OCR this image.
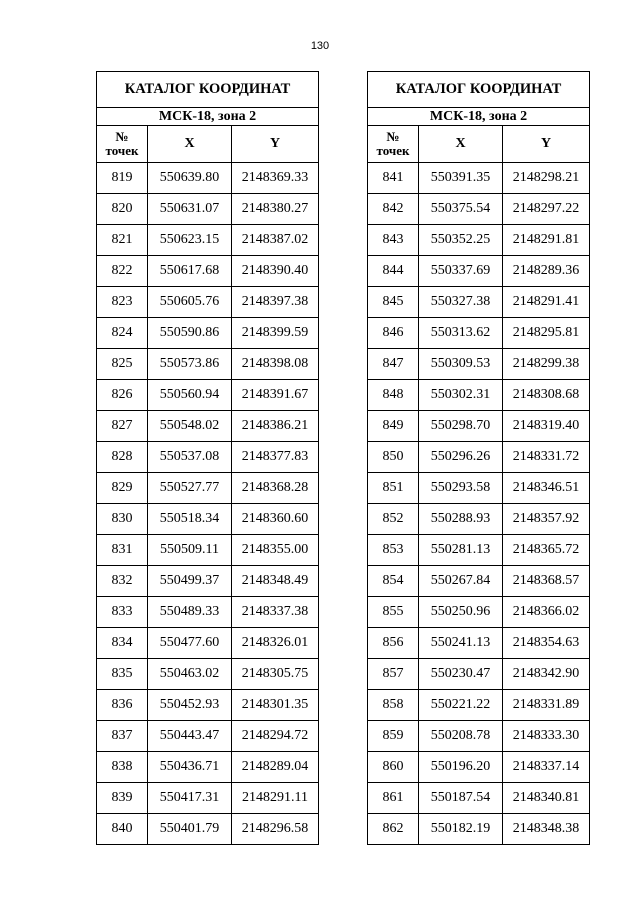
130
КАТАЛОГ КООРДИНАТ		
МСК-18, зона 2		
№
точек	X	Y
819	550639.80	2148369.33
820	550631.07	2148380.27
821	550623.15	2148387.02
822	550617.68	2148390.40
823	550605.76	2148397.38
824	550590.86	2148399.59
825	550573.86	2148398.08
826	550560.94	2148391.67
827	550548.02	2148386.21
828	550537.08	2148377.83
829	550527.77	2148368.28
830	550518.34	2148360.60
831	550509.11	2148355.00
832	550499.37	2148348.49
833	550489.33	2148337.38
834	550477.60	2148326.01
835	550463.02	2148305.75
836	550452.93	2148301.35
837	550443.47	2148294.72
838	550436.71	2148289.04
839	550417.31	2148291.11
840	550401.79	2148296.58
КАТАЛОГ КООРДИНАТ		
МСК-18, зона 2		
№
точек	X	Y
841	550391.35	2148298.21
842	550375.54	2148297.22
843	550352.25	2148291.81
844	550337.69	2148289.36
845	550327.38	2148291.41
846	550313.62	2148295.81
847	550309.53	2148299.38
848	550302.31	2148308.68
849	550298.70	2148319.40
850	550296.26	2148331.72
851	550293.58	2148346.51
852	550288.93	2148357.92
853	550281.13	2148365.72
854	550267.84	2148368.57
855	550250.96	2148366.02
856	550241.13	2148354.63
857	550230.47	2148342.90
858	550221.22	2148331.89
859	550208.78	2148333.30
860	550196.20	2148337.14
861	550187.54	2148340.81
862	550182.19	2148348.38
